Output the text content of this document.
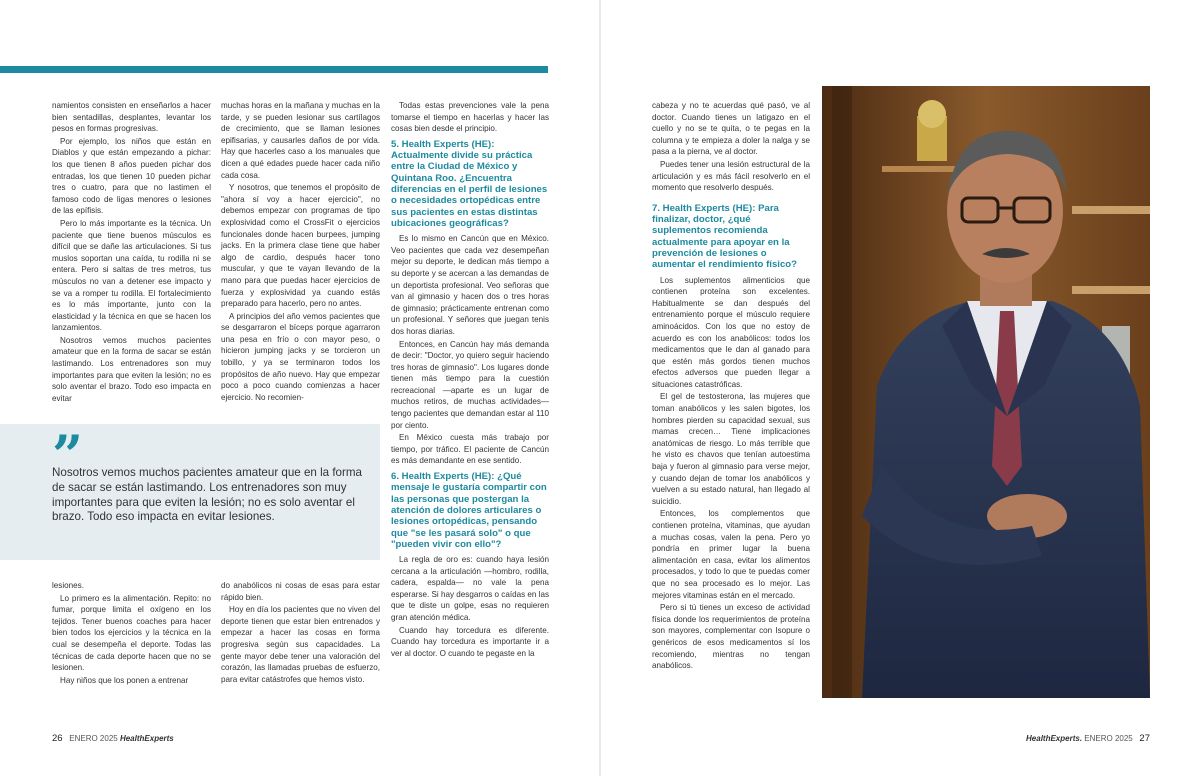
namientos consisten en enseñarlos a hacer bien sentadillas, desplantes, levantar los pesos en formas progresivas.

Por ejemplo, los niños que están en Diablos y que están empezando a pichar: los que tienen 8 años pueden pichar dos entradas, los que tienen 10 pueden pichar tres o cuatro, para que no lastimen el famoso codo de ligas menores o lesiones de las epífisis.

Pero lo más importante es la técnica. Un paciente que tiene buenos músculos es difícil que se dañe las articulaciones. Si tus muslos soportan una caída, tu rodilla ni se entera. Pero si saltas de tres metros, tus músculos no van a detener ese impacto y se va a romper tu rodilla. El fortalecimiento es lo más importante, junto con la elasticidad y la técnica en que se hacen los lanzamientos.

Nosotros vemos muchos pacientes amateur que en la forma de sacar se están lastimando. Los entrenadores son muy importantes para que eviten la lesión; no es solo aventar el brazo. Todo eso impacta en evitar

muchas horas en la mañana y muchas en la tarde, y se pueden lesionar sus cartílagos de crecimiento, que se llaman lesiones epifisarias, y causarles daños de por vida. Hay que hacerles caso a los manuales que dicen a qué edades puede hacer cada niño cada cosa.

Y nosotros, que tenemos el propósito de "ahora sí voy a hacer ejercicio", no debemos empezar con programas de tipo explosividad como el CrossFit o ejercicios funcionales donde hacen burpees, jumping jacks. En la primera clase tiene que haber algo de cardio, después hacer tono muscular, y que te vayan llevando de la mano para que puedas hacer ejercicios de fuerza y explosividad ya cuando estás preparado para hacerlo, pero no antes.

A principios del año vemos pacientes que se desgarraron el bíceps porque agarraron una pesa en frío o con mayor peso, o hicieron jumping jacks y se torcieron un tobillo, y ya se terminaron todos los propósitos de año nuevo. Hay que empezar poco a poco cuando comienzas a hacer ejercicio. No recomien-

”
Nosotros vemos muchos pacientes amateur que en la forma de sacar se están lastimando. Los entrenadores son muy importantes para que eviten la lesión; no es solo aventar el brazo. Todo eso impacta en evitar lesiones.

lesiones.

Lo primero es la alimentación. Repito: no fumar, porque limita el oxígeno en los tejidos. Tener buenos coaches para hacer bien todos los ejercicios y la técnica en la cual se desempeña el deporte. Todas las técnicas de cada deporte hacen que no se lesionen.

Hay niños que los ponen a entrenar

do anabólicos ni cosas de esas para estar rápido bien.

Hoy en día los pacientes que no viven del deporte tienen que estar bien entrenados y empezar a hacer las cosas en forma progresiva según sus capacidades. La gente mayor debe tener una valoración del corazón, las llamadas pruebas de esfuerzo, para evitar catástrofes que hemos visto.

Todas estas prevenciones vale la pena tomarse el tiempo en hacerlas y hacer las cosas bien desde el principio.

5. Health Experts (HE): Actualmente divide su práctica entre la Ciudad de México y Quintana Roo. ¿Encuentra diferencias en el perfil de lesiones o necesidades ortopédicas entre sus pacientes en estas distintas ubicaciones geográficas?

Es lo mismo en Cancún que en México. Veo pacientes que cada vez desempeñan mejor su deporte, le dedican más tiempo a su deporte y se acercan a las demandas de un deportista profesional. Veo señoras que van al gimnasio y hacen dos o tres horas de gimnasio; prácticamente entrenan como un profesional. Y señores que juegan tenis dos horas diarias.

Entonces, en Cancún hay más demanda de decir: "Doctor, yo quiero seguir haciendo tres horas de gimnasio". Los lugares donde tienen más tiempo para la cuestión recreacional —aparte es un lugar de muchos retiros, de muchas actividades— tengo pacientes que demandan estar al 110 por ciento.

En México cuesta más trabajo por tiempo, por tráfico. El paciente de Cancún es más demandante en ese sentido.

6. Health Experts (HE): ¿Qué mensaje le gustaría compartir con las personas que postergan la atención de dolores articulares o lesiones ortopédicas, pensando que "se les pasará solo" o que "pueden vivir con ello"?

La regla de oro es: cuando haya lesión cercana a la articulación —hombro, rodilla, cadera, espalda— no vale la pena esperarse. Si hay desgarros o caídas en las que te diste un golpe, esas no requieren gran atención médica.

Cuando hay torcedura es diferente. Cuando hay torcedura es importante ir a ver al doctor. O cuando te pegaste en la

cabeza y no te acuerdas qué pasó, ve al doctor. Cuando tienes un latigazo en el cuello y no se te quita, o te pegas en la columna y te empieza a doler la nalga y se pasa a la pierna, ve al doctor.

Puedes tener una lesión estructural de la articulación y es más fácil resolverlo en el momento que resolverlo después.

7. Health Experts (HE): Para finalizar, doctor, ¿qué suplementos recomienda actualmente para apoyar en la prevención de lesiones o aumentar el rendimiento físico?

Los suplementos alimenticios que contienen proteína son excelentes. Habitualmente se dan después del entrenamiento porque el músculo requiere aminoácidos. Con los que no estoy de acuerdo es con los anabólicos: todos los medicamentos que le dan al ganado para que estén más gordos tienen muchos efectos adversos que pueden llegar a situaciones catastróficas.

El gel de testosterona, las mujeres que toman anabólicos y les salen bigotes, los hombres pierden su capacidad sexual, sus mamas crecen… Tiene implicaciones anatómicas de riesgo. Lo más terrible que he visto es chavos que tenían autoestima baja y fueron al gimnasio para verse mejor, y cuando dejan de tomar los anabólicos y vuelven a su estado natural, han llegado al suicidio.

Entonces, los complementos que contienen proteína, vitaminas, que ayudan a muchas cosas, valen la pena. Pero yo pondría en primer lugar la buena alimentación en casa, evitar los alimentos procesados, y todo lo que te puedas comer que no sea procesado es lo mejor. Las mejores vitaminas están en el mercado.

Pero si tú tienes un exceso de actividad física donde los requerimientos de proteína son mayores, complementar con Isopure o genéricos de esos medicamentos sí los recomiendo, mientras no tengan anabólicos.

26 ENERO 2025 HealthExperts	HealthExperts. ENERO 2025 27
